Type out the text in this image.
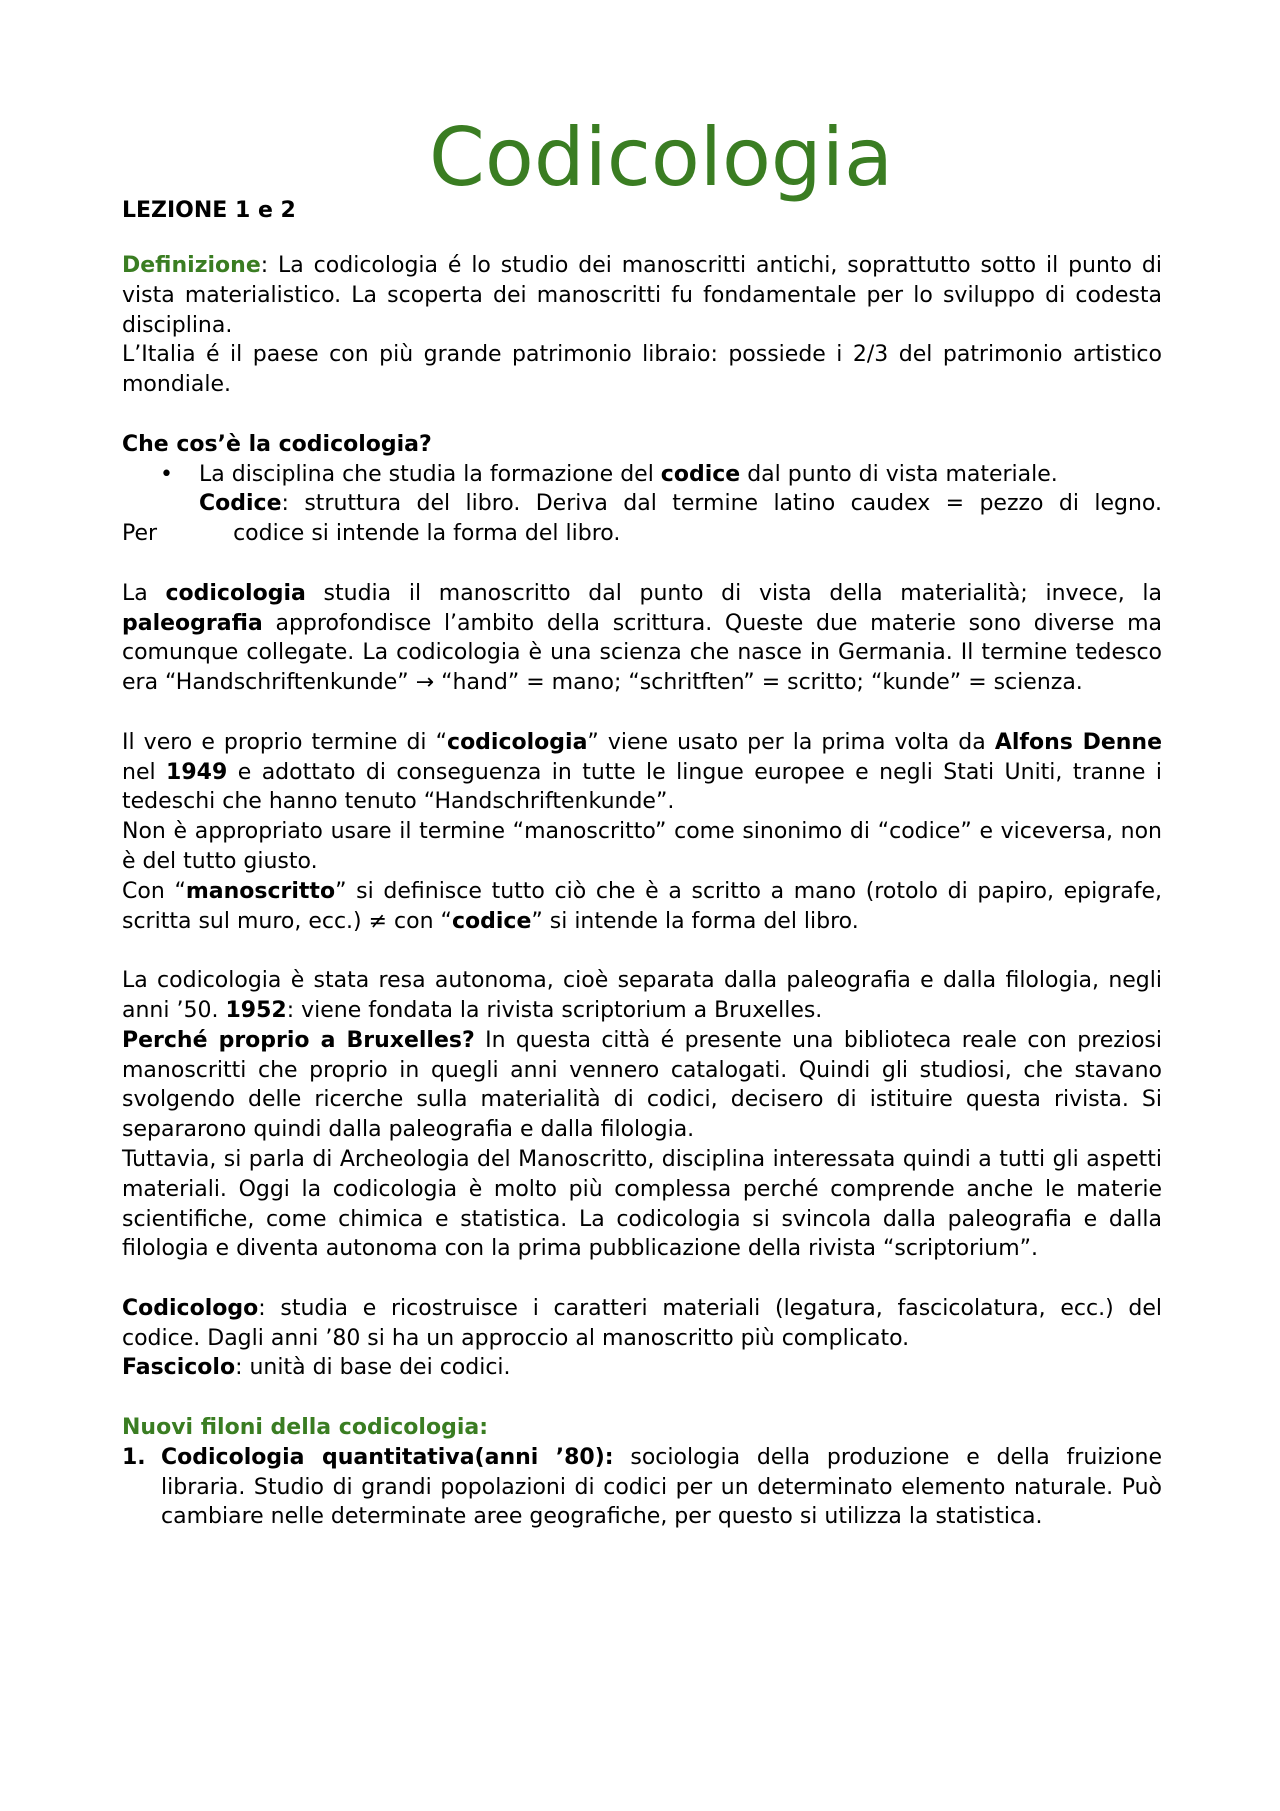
Codicologia
LEZIONE 1 e 2

Definizione: La codicologia é lo studio dei manoscritti antichi, soprattutto sotto il punto di vista materialistico. La scoperta dei manoscritti fu fondamentale per lo sviluppo di codesta disciplina.

L’Italia é il paese con più grande patrimonio libraio: possiede i 2/3 del patrimonio artistico mondiale.

Che cos’è la codicologia?

• La disciplina che studia la formazione del codice dal punto di vista materiale.
Codice: struttura del libro. Deriva dal termine latino caudex = pezzo di legno.
Per	codice si intende la forma del libro.

La codicologia studia il manoscritto dal punto di vista della materialità; invece, la paleografia approfondisce l’ambito della scrittura. Queste due materie sono diverse ma comunque collegate. La codicologia è una scienza che nasce in Germania. Il termine tedesco era “Handschriftenkunde” → “hand” = mano; “schritften” = scritto; “kunde” = scienza.

Il vero e proprio termine di “codicologia” viene usato per la prima volta da Alfons Denne nel 1949 e adottato di conseguenza in tutte le lingue europee e negli Stati Uniti, tranne i tedeschi che hanno tenuto “Handschriftenkunde”.

Non è appropriato usare il termine “manoscritto” come sinonimo di “codice” e viceversa, non è del tutto giusto.

Con “manoscritto” si definisce tutto ciò che è a scritto a mano (rotolo di papiro, epigrafe, scritta sul muro, ecc.) ≠ con “codice” si intende la forma del libro.

La codicologia è stata resa autonoma, cioè separata dalla paleografia e dalla filologia, negli anni ’50. 1952: viene fondata la rivista scriptorium a Bruxelles.

Perché proprio a Bruxelles? In questa città é presente una biblioteca reale con preziosi manoscritti che proprio in quegli anni vennero catalogati. Quindi gli studiosi, che stavano svolgendo delle ricerche sulla materialità di codici, decisero di istituire questa rivista. Si separarono quindi dalla paleografia e dalla filologia.

Tuttavia, si parla di Archeologia del Manoscritto, disciplina interessata quindi a tutti gli aspetti materiali. Oggi la codicologia è molto più complessa perché comprende anche le materie scientifiche, come chimica e statistica. La codicologia si svincola dalla paleografia e dalla filologia e diventa autonoma con la prima pubblicazione della rivista “scriptorium”.

Codicologo: studia e ricostruisce i caratteri materiali (legatura, fascicolatura, ecc.) del codice. Dagli anni ’80 si ha un approccio al manoscritto più complicato.

Fascicolo: unità di base dei codici.

Nuovi filoni della codicologia:

1. Codicologia quantitativa(anni ’80): sociologia della produzione e della fruizione libraria. Studio di grandi popolazioni di codici per un determinato elemento naturale. Può cambiare nelle determinate aree geografiche, per questo si utilizza la statistica.
